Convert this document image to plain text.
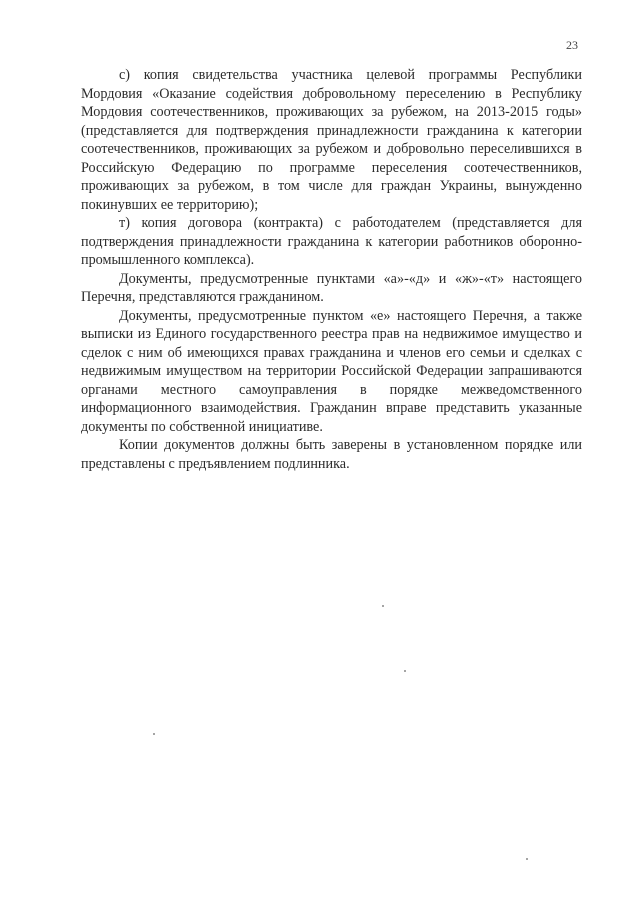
23

с) копия свидетельства участника целевой программы Республики Мордовия «Оказание содействия добровольному переселению в Республику Мордовия соотечественников, проживающих за рубежом, на 2013-2015 годы» (представляется для подтверждения принадлежности гражданина к категории соотечественников, проживающих за рубежом и добровольно переселившихся в Российскую Федерацию по программе переселения соотечественников, проживающих за рубежом, в том числе для граждан Украины, вынужденно покинувших ее территорию);

т) копия договора (контракта) с работодателем (представляется для подтверждения принадлежности гражданина к категории работников оборонно-промышленного комплекса).

Документы, предусмотренные пунктами «а»-«д» и «ж»-«т» настоящего Перечня, представляются гражданином.

Документы, предусмотренные пунктом «е» настоящего Перечня, а также выписки из Единого государственного реестра прав на недвижимое имущество и сделок с ним об имеющихся правах гражданина и членов его семьи и сделках с недвижимым имуществом на территории Российской Федерации запрашиваются органами местного самоуправления в порядке межведомственного информационного взаимодействия. Гражданин вправе представить указанные документы по собственной инициативе.

Копии документов должны быть заверены в установленном порядке или представлены с предъявлением подлинника.
